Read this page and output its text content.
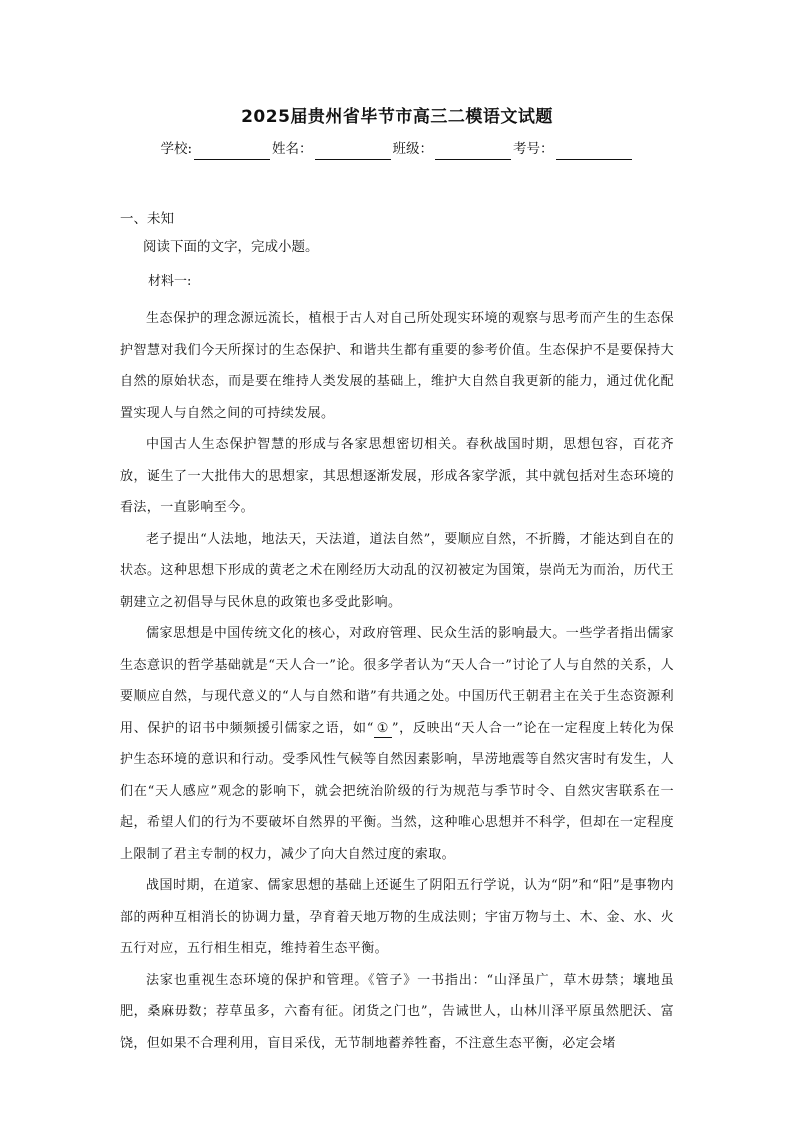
2025届贵州省毕节市高三二模语文试题
学校:	姓名：	班级：	考号：
一、未知
阅读下面的文字，完成小题。
材料一:

生态保护的理念源远流长，植根于古人对自己所处现实环境的观察与思考而产生的生态保护智慧对我们今天所探讨的生态保护、和谐共生都有重要的参考价值。生态保护不是要保持大自然的原始状态，而是要在维持人类发展的基础上，维护大自然自我更新的能力，通过优化配置实现人与自然之间的可持续发展。

中国古人生态保护智慧的形成与各家思想密切相关。春秋战国时期，思想包容，百花齐放，诞生了一大批伟大的思想家，其思想逐渐发展，形成各家学派，其中就包括对生态环境的看法，一直影响至今。

老子提出“人法地，地法天，天法道，道法自然”，要顺应自然，不折腾，才能达到自在的状态。这种思想下形成的黄老之术在刚经历大动乱的汉初被定为国策，崇尚无为而治，历代王朝建立之初倡导与民休息的政策也多受此影响。

儒家思想是中国传统文化的核心，对政府管理、民众生活的影响最大。一些学者指出儒家生态意识的哲学基础就是“天人合一”论。很多学者认为“天人合一”讨论了人与自然的关系，人要顺应自然，与现代意义的“人与自然和谐”有共通之处。中国历代王朝君主在关于生态资源利用、保护的诏书中频频援引儒家之语，如“ ① ”，反映出“天人合一”论在一定程度上转化为保护生态环境的意识和行动。受季风性气候等自然因素影响，旱涝地震等自然灾害时有发生，人们在“天人感应”观念的影响下，就会把统治阶级的行为规范与季节时令、自然灾害联系在一起，希望人们的行为不要破坏自然界的平衡。当然，这种唯心思想并不科学，但却在一定程度上限制了君主专制的权力，减少了向大自然过度的索取。

战国时期，在道家、儒家思想的基础上还诞生了阴阳五行学说，认为“阴”和“阳”是事物内部的两种互相消长的协调力量，孕育着天地万物的生成法则；宇宙万物与土、木、金、水、火五行对应，五行相生相克，维持着生态平衡。

法家也重视生态环境的保护和管理。《管子》一书指出：“山泽虽广，草木毋禁；壤地虽肥，桑麻毋数；荐草虽多，六畜有征。闭货之门也”，告诫世人，山林川泽平原虽然肥沃、富饶，但如果不合理利用，盲目采伐，无节制地蓄养牲畜，不注意生态平衡，必定会堵
